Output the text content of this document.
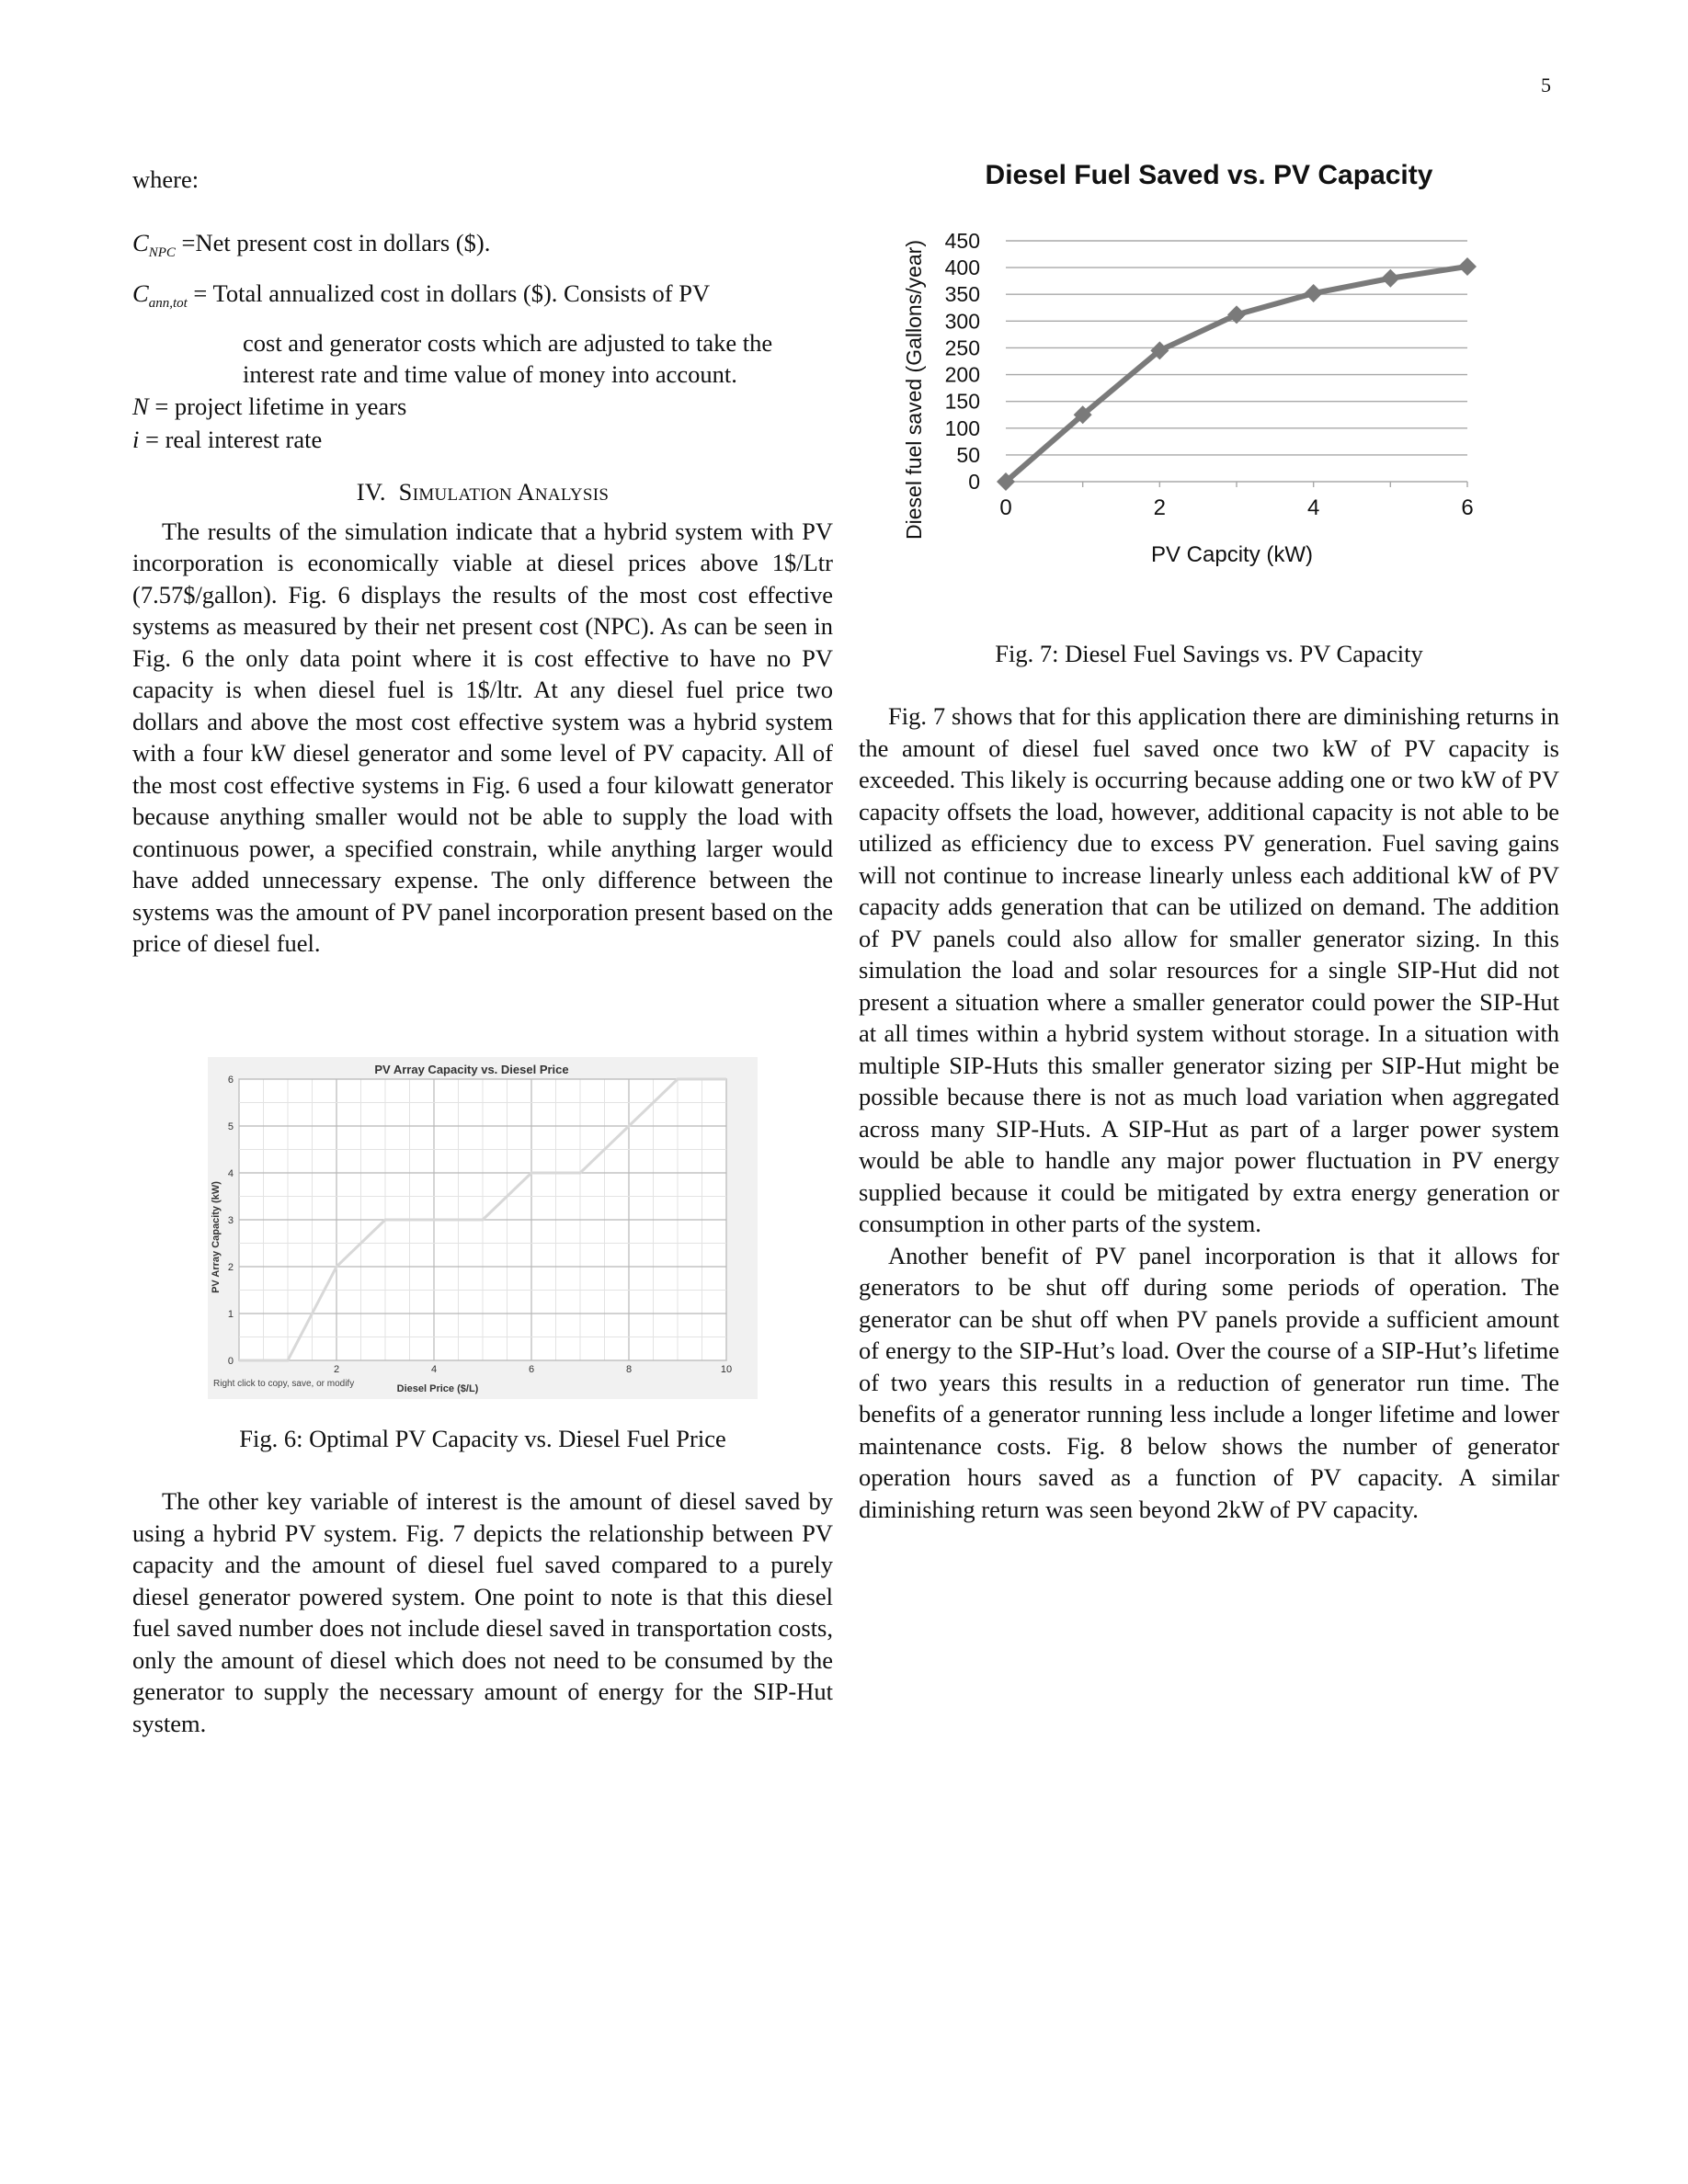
5
where:
$C_{NPC} =Net$ present cost in dollars ($).
$C_{ann,tot}$ = Total annualized cost in dollars ($). Consists of PV
cost and generator costs which are adjusted to take the interest rate and time value of money into account.
N = project lifetime in years
i = real interest rate
IV. Simulation Analysis

The results of the simulation indicate that a hybrid system with PV incorporation is economically viable at diesel prices above 1$/Ltr (7.57$/gallon). Fig. 6 displays the results of the most cost effective systems as measured by their net present cost (NPC). As can be seen in Fig. 6 the only data point where it is cost effective to have no PV capacity is when diesel fuel is 1$/ltr. At any diesel fuel price two dollars and above the most cost effective system was a hybrid system with a four kW diesel generator and some level of PV capacity. All of the most cost effective systems in Fig. 6 used a four kilowatt generator because anything smaller would not be able to supply the load with continuous power, a specified constrain, while anything larger would have added unnecessary expense. The only difference between the systems was the amount of PV panel incorporation present based on the price of diesel fuel.

PV Array Capacity vs. Diesel Price
PV Array Capacity (kW)
Diesel Price ($/L)
Right click to copy, save, or modify
2	4	6	8	10
0
1
2
3
4
5
6
Fig. 6: Optimal PV Capacity vs. Diesel Fuel Price

The other key variable of interest is the amount of diesel saved by using a hybrid PV system. Fig. 7 depicts the relationship between PV capacity and the amount of diesel fuel saved compared to a purely diesel generator powered system. One point to note is that this diesel fuel saved number does not include diesel saved in transportation costs, only the amount of diesel which does not need to be consumed by the generator to supply the necessary amount of energy for the SIP-Hut system.

Diesel Fuel Saved vs. PV Capacity
Diesel fuel saved (Gallons/year)
PV Capcity (kW)
0
50
100
150
200
250
300
350
400
450
0	2	4	6
Fig. 7: Diesel Fuel Savings vs. PV Capacity

Fig. 7 shows that for this application there are diminishing returns in the amount of diesel fuel saved once two kW of PV capacity is exceeded. This likely is occurring because adding one or two kW of PV capacity offsets the load, however, additional capacity is not able to be utilized as efficiency due to excess PV generation. Fuel saving gains will not continue to increase linearly unless each additional kW of PV capacity adds generation that can be utilized on demand. The addition of PV panels could also allow for smaller generator sizing. In this simulation the load and solar resources for a single SIP-Hut did not present a situation where a smaller generator could power the SIP-Hut at all times within a hybrid system without storage. In a situation with multiple SIP-Huts this smaller generator sizing per SIP-Hut might be possible because there is not as much load variation when aggregated across many SIP-Huts. A SIP-Hut as part of a larger power system would be able to handle any major power fluctuation in PV energy supplied because it could be mitigated by extra energy generation or consumption in other parts of the system.

Another benefit of PV panel incorporation is that it allows for generators to be shut off during some periods of operation. The generator can be shut off when PV panels provide a sufficient amount of energy to the SIP-Hut’s load. Over the course of a SIP-Hut’s lifetime of two years this results in a reduction of generator run time. The benefits of a generator running less include a longer lifetime and lower maintenance costs. Fig. 8 below shows the number of generator operation hours saved as a function of PV capacity. A similar diminishing return was seen beyond 2kW of PV capacity.
